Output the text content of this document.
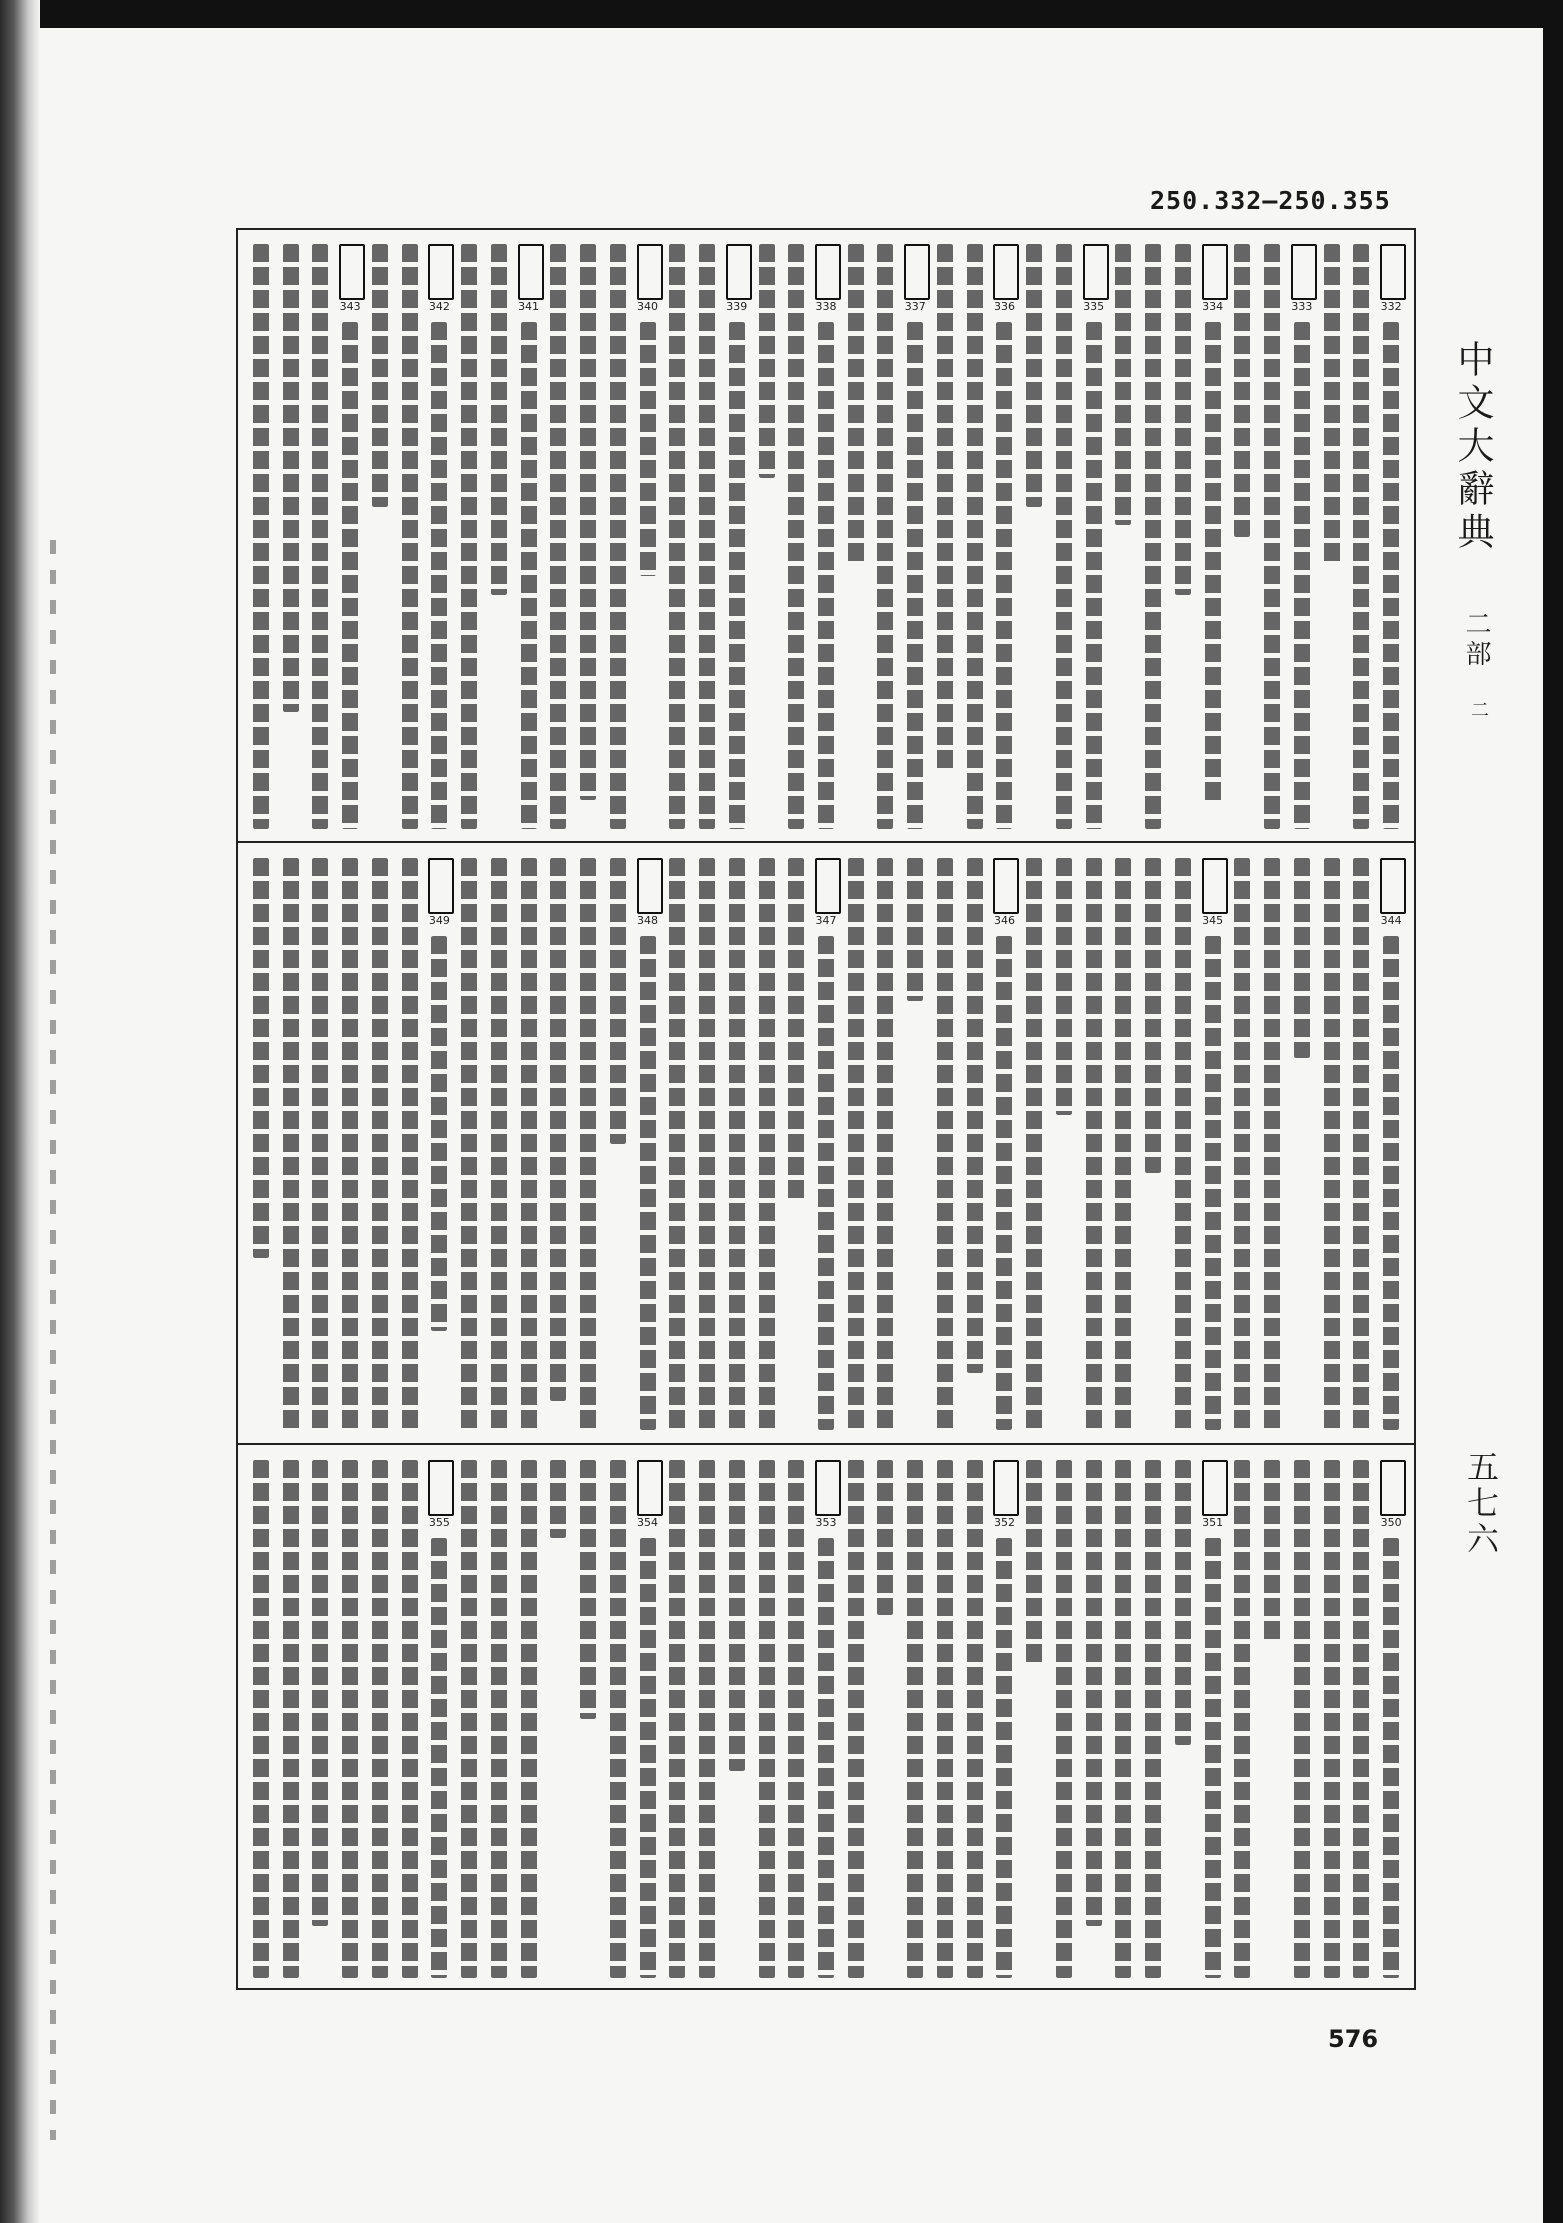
250.332—250.355
中文大辭典
二部
二
五七六
343	342	341	340	339	338	337	336	335	334	333	332
349	348	347	346	345	344
355	354	353	352	351	350
576
